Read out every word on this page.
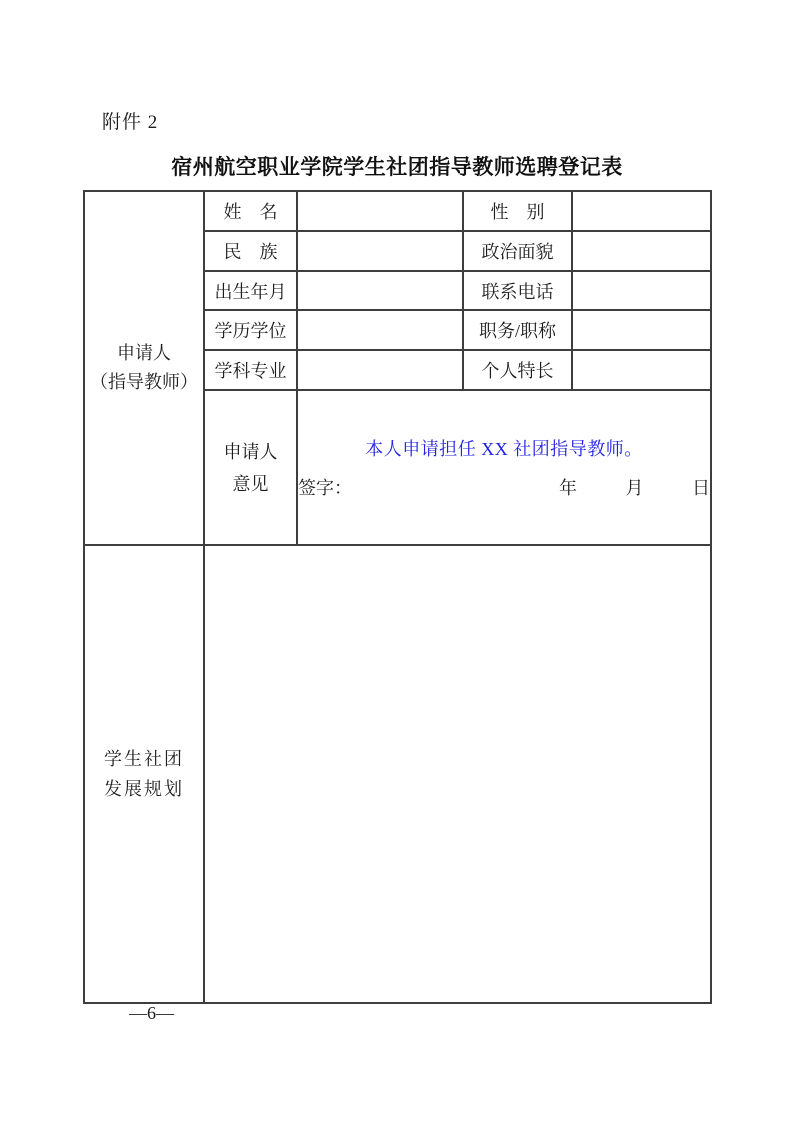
附件 2
宿州航空职业学院学生社团指导教师选聘登记表
申请人
（指导教师）	姓　名		性　别	
	民　族		政治面貌	
	出生年月		联系电话	
	学历学位		职务/职称	
	学科专业		个人特长	

申请人
意见

本人申请担任 XX 社团指导教师。
签字：	年	月	日

学生社团
发展规划				

—6—
